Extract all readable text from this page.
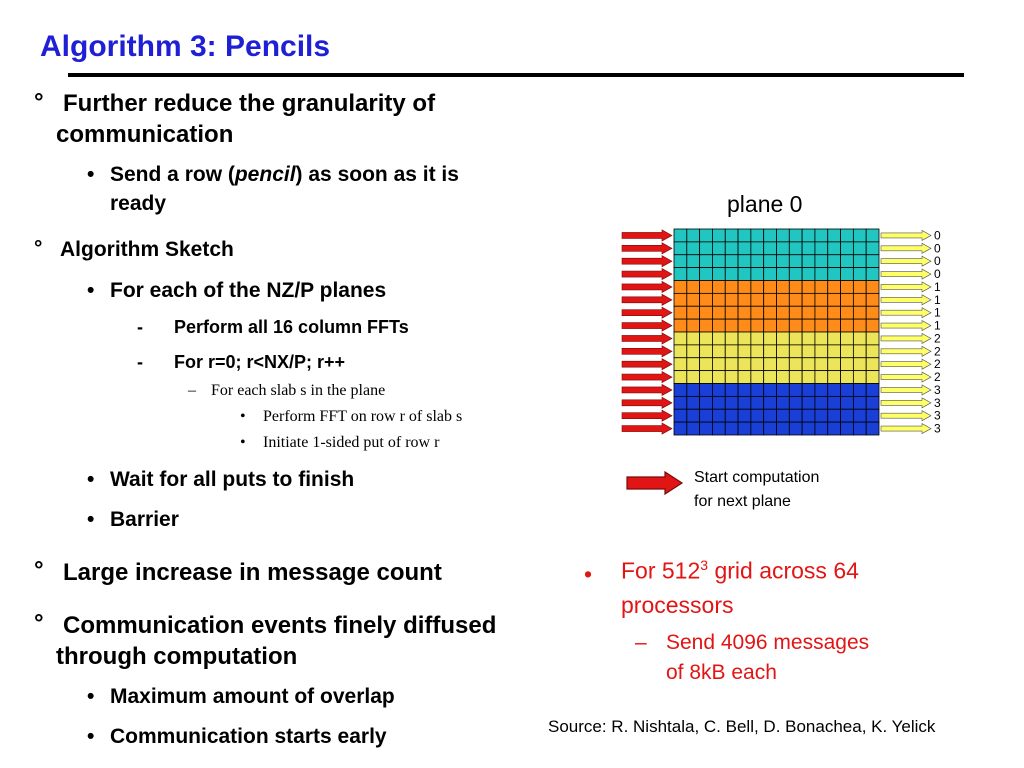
Algorithm 3: Pencils
° Further reduce the granularity of
communication
• Send a row (pencil) as soon as it is
ready
° Algorithm Sketch
• For each of the NZ/P planes
- Perform all 16 column FFTs
- For r=0; r<NX/P; r++
– For each slab s in the plane
• Perform FFT on row r of slab s
• Initiate 1-sided put of row r
• Wait for all puts to finish
• Barrier
° Large increase in message count
° Communication events finely diffused
through computation
• Maximum amount of overlap
• Communication starts early
plane 0
0
0
0
0
1
1
1
1
2
2
2
2
3
3
3
3
Start computation
for next plane
• For $512^3$ grid across 64
processors
– Send 4096 messages
of 8kB each
Source: R. Nishtala, C. Bell, D. Bonachea, K. Yelick
